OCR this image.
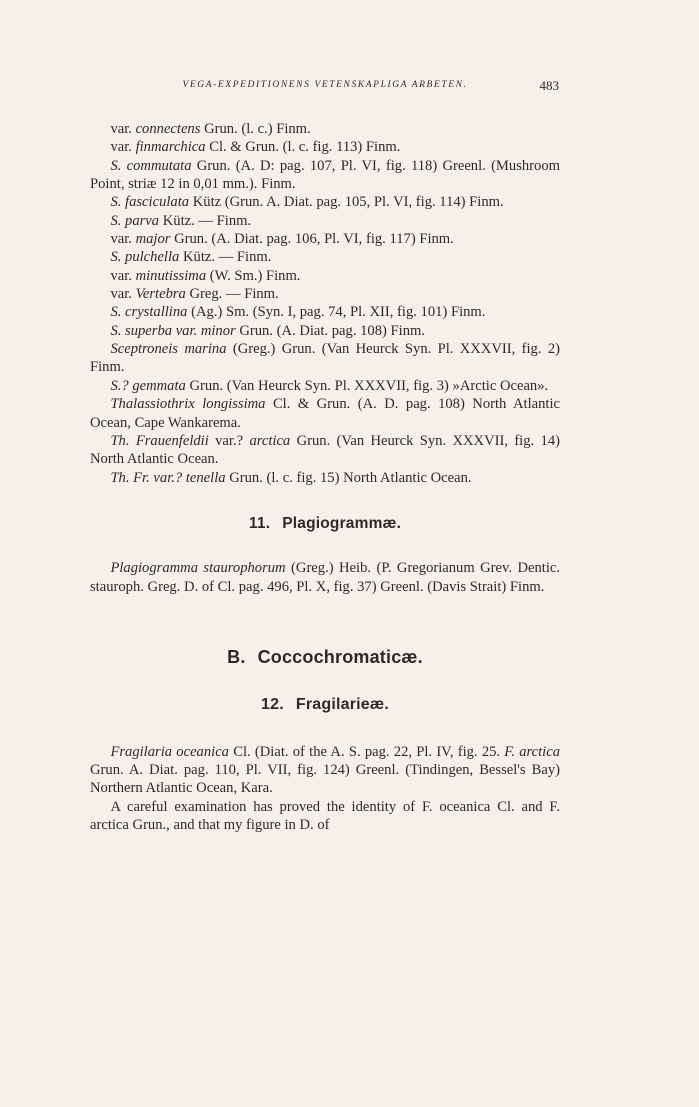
VEGA-EXPEDITIONENS VETENSKAPLIGA ARBETEN.	483

var. connectens Grun. (l. c.) Finm.

var. finmarchica Cl. & Grun. (l. c. fig. 113) Finm.

S. commutata Grun. (A. D: pag. 107, Pl. VI, fig. 118) Greenl. (Mushroom Point, striæ 12 in 0,01 mm.). Finm.

S. fasciculata Kütz (Grun. A. Diat. pag. 105, Pl. VI, fig. 114) Finm.

S. parva Kütz. — Finm.

var. major Grun. (A. Diat. pag. 106, Pl. VI, fig. 117) Finm.

S. pulchella Kütz. — Finm.

var. minutissima (W. Sm.) Finm.

var. Vertebra Greg. — Finm.

S. crystallina (Ag.) Sm. (Syn. I, pag. 74, Pl. XII, fig. 101) Finm.

S. superba var. minor Grun. (A. Diat. pag. 108) Finm.

Sceptroneis marina (Greg.) Grun. (Van Heurck Syn. Pl. XXXVII, fig. 2) Finm.

S.? gemmata Grun. (Van Heurck Syn. Pl. XXXVII, fig. 3) »Arctic Ocean».

Thalassiothrix longissima Cl. & Grun. (A. D. pag. 108) North Atlantic Ocean, Cape Wankarema.

Th. Frauenfeldii var.? arctica Grun. (Van Heurck Syn. XXXVII, fig. 14) North Atlantic Ocean.

Th. Fr. var.? tenella Grun. (l. c. fig. 15) North Atlantic Ocean.

11. Plagiogrammæ.

Plagiogramma staurophorum (Greg.) Heib. (P. Gregorianum Grev. Dentic. stauroph. Greg. D. of Cl. pag. 496, Pl. X, fig. 37) Greenl. (Davis Strait) Finm.

B. Coccochromaticæ.
12. Fragilarieæ.

Fragilaria oceanica Cl. (Diat. of the A. S. pag. 22, Pl. IV, fig. 25. F. arctica Grun. A. Diat. pag. 110, Pl. VII, fig. 124) Greenl. (Tindingen, Bessel's Bay) Northern Atlantic Ocean, Kara.

A careful examination has proved the identity of F. oceanica Cl. and F. arctica Grun., and that my figure in D. of
